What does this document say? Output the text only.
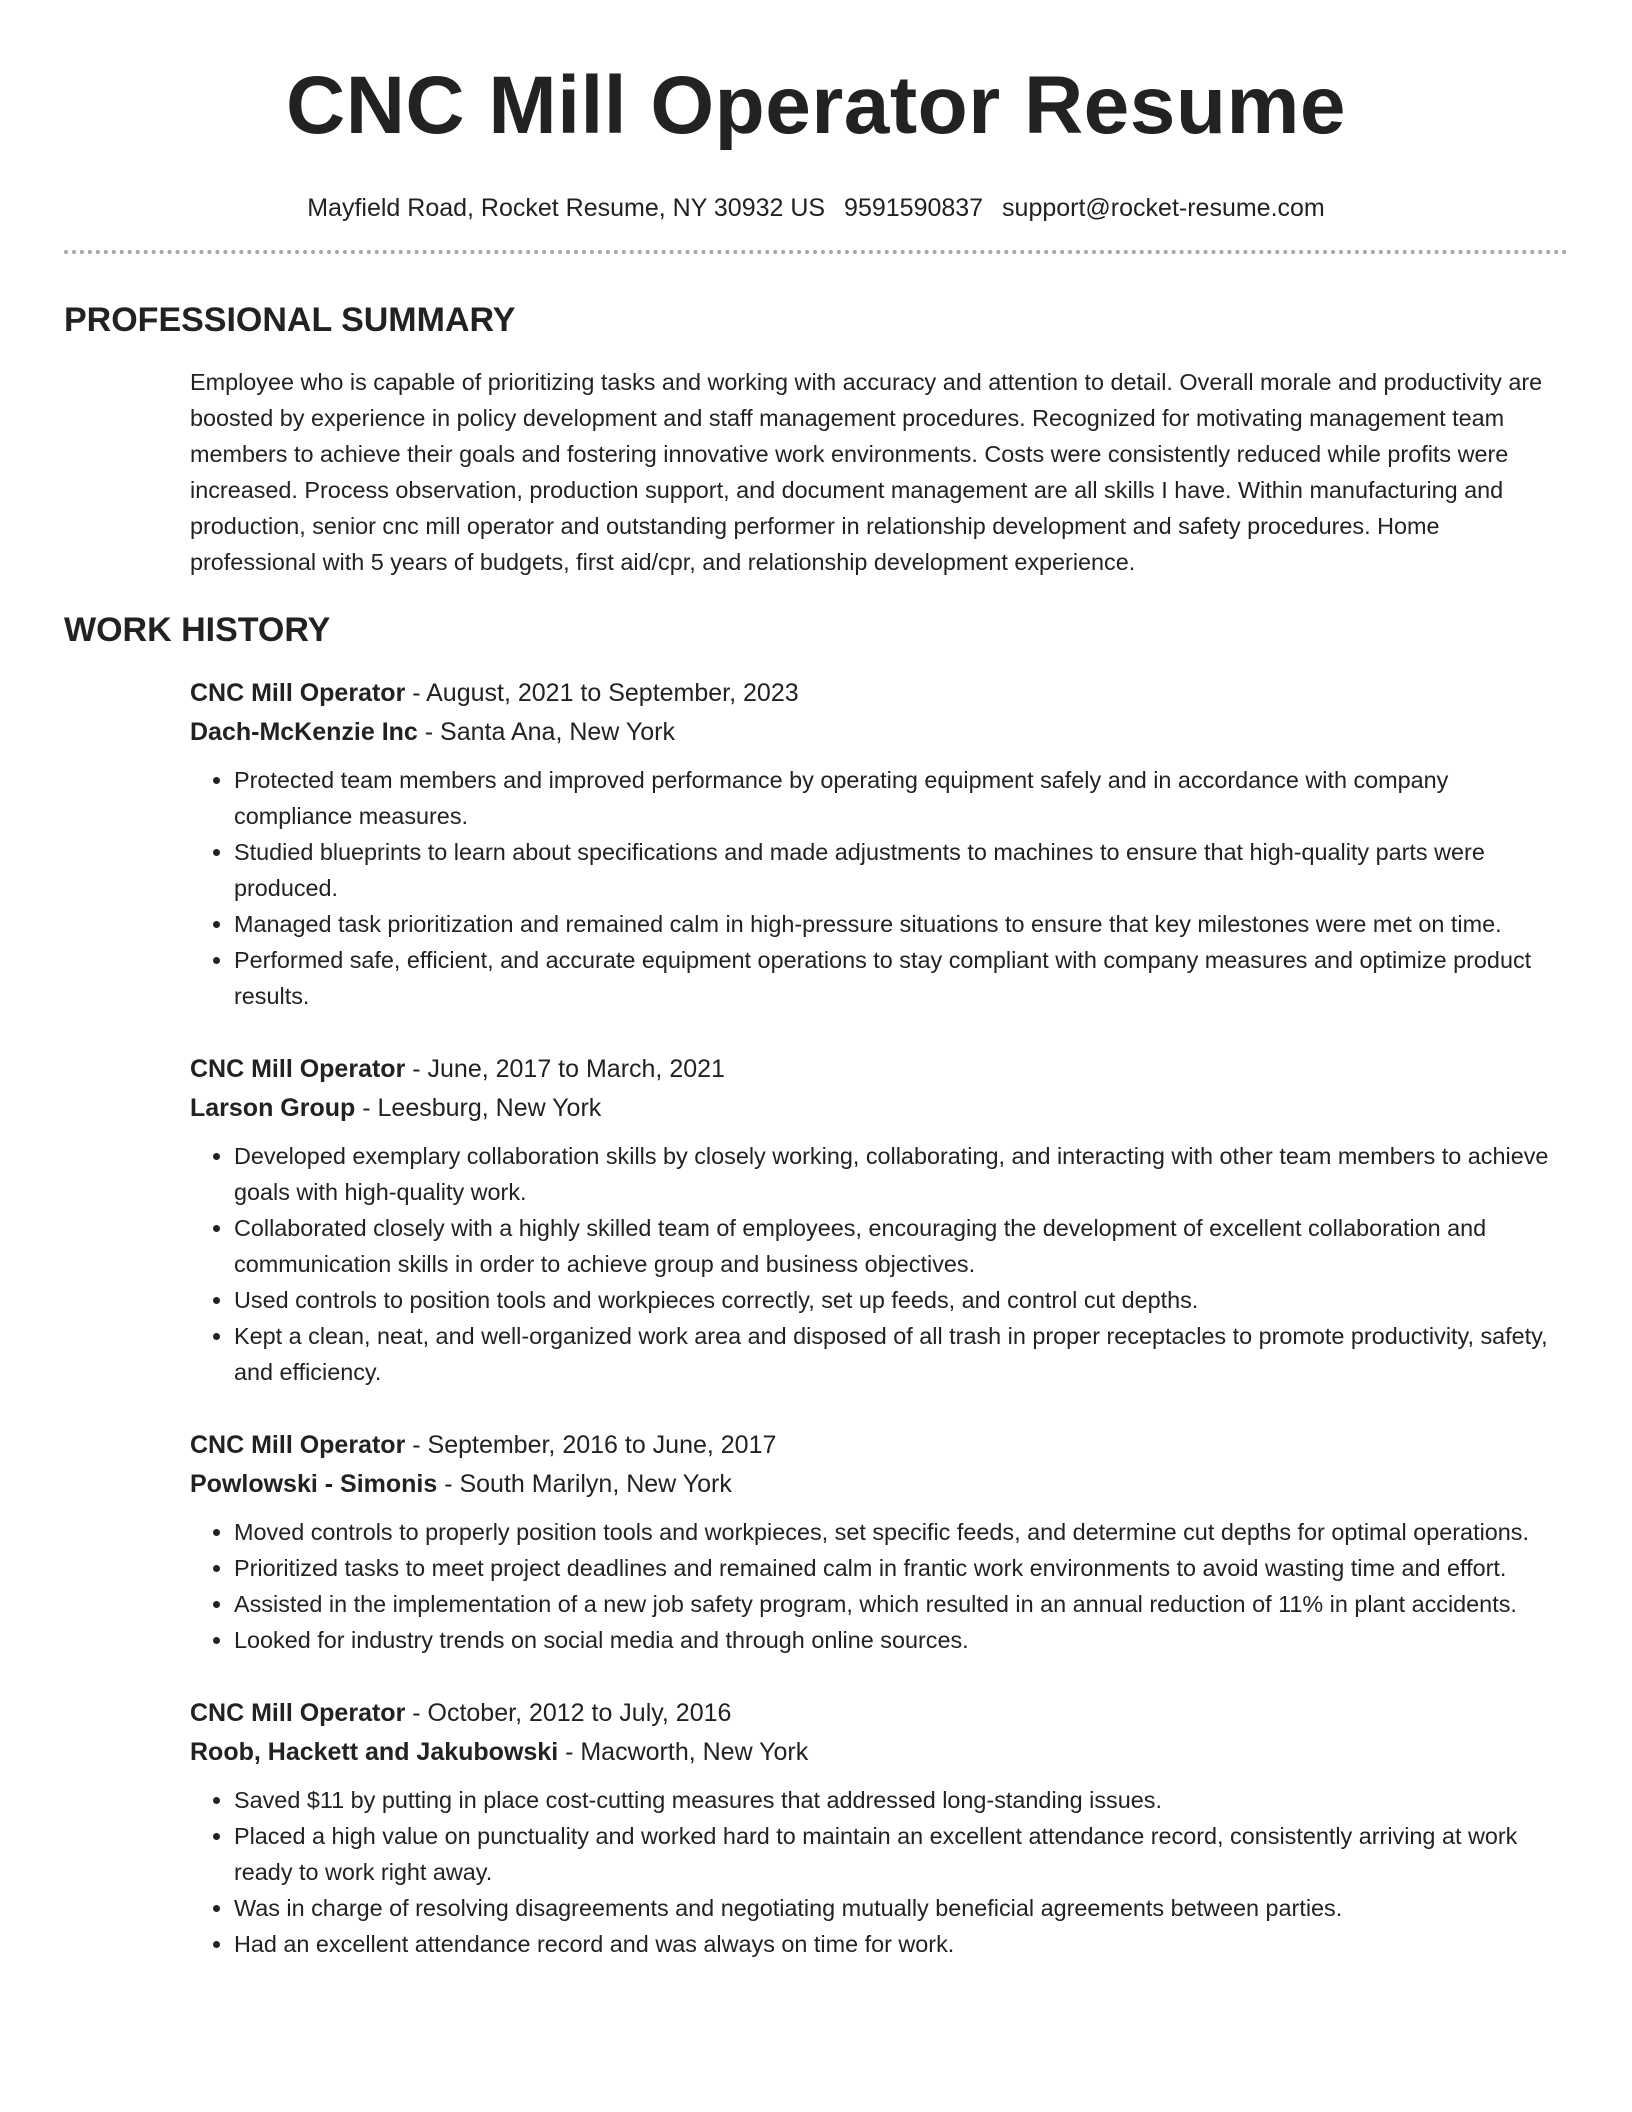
CNC Mill Operator Resume
Mayfield Road, Rocket Resume, NY 30932 US 9591590837 support@rocket-resume.com
PROFESSIONAL SUMMARY

Employee who is capable of prioritizing tasks and working with accuracy and attention to detail. Overall morale and productivity are boosted by experience in policy development and staff management procedures. Recognized for motivating management team members to achieve their goals and fostering innovative work environments. Costs were consistently reduced while profits were increased. Process observation, production support, and document management are all skills I have. Within manufacturing and production, senior cnc mill operator and outstanding performer in relationship development and safety procedures. Home professional with 5 years of budgets, first aid/cpr, and relationship development experience.

WORK HISTORY
CNC Mill Operator - August, 2021 to September, 2023
Dach-McKenzie Inc - Santa Ana, New York
• Protected team members and improved performance by operating equipment safely and in accordance with company compliance measures.
• Studied blueprints to learn about specifications and made adjustments to machines to ensure that high-quality parts were produced.
• Managed task prioritization and remained calm in high-pressure situations to ensure that key milestones were met on time.
• Performed safe, efficient, and accurate equipment operations to stay compliant with company measures and optimize product results.
CNC Mill Operator - June, 2017 to March, 2021
Larson Group - Leesburg, New York
• Developed exemplary collaboration skills by closely working, collaborating, and interacting with other team members to achieve goals with high-quality work.
• Collaborated closely with a highly skilled team of employees, encouraging the development of excellent collaboration and communication skills in order to achieve group and business objectives.
• Used controls to position tools and workpieces correctly, set up feeds, and control cut depths.
• Kept a clean, neat, and well-organized work area and disposed of all trash in proper receptacles to promote productivity, safety, and efficiency.
CNC Mill Operator - September, 2016 to June, 2017
Powlowski - Simonis - South Marilyn, New York
• Moved controls to properly position tools and workpieces, set specific feeds, and determine cut depths for optimal operations.
• Prioritized tasks to meet project deadlines and remained calm in frantic work environments to avoid wasting time and effort.
• Assisted in the implementation of a new job safety program, which resulted in an annual reduction of 11% in plant accidents.
• Looked for industry trends on social media and through online sources.
CNC Mill Operator - October, 2012 to July, 2016
Roob, Hackett and Jakubowski - Macworth, New York
• Saved $11 by putting in place cost-cutting measures that addressed long-standing issues.
• Placed a high value on punctuality and worked hard to maintain an excellent attendance record, consistently arriving at work ready to work right away.
• Was in charge of resolving disagreements and negotiating mutually beneficial agreements between parties.
• Had an excellent attendance record and was always on time for work.
